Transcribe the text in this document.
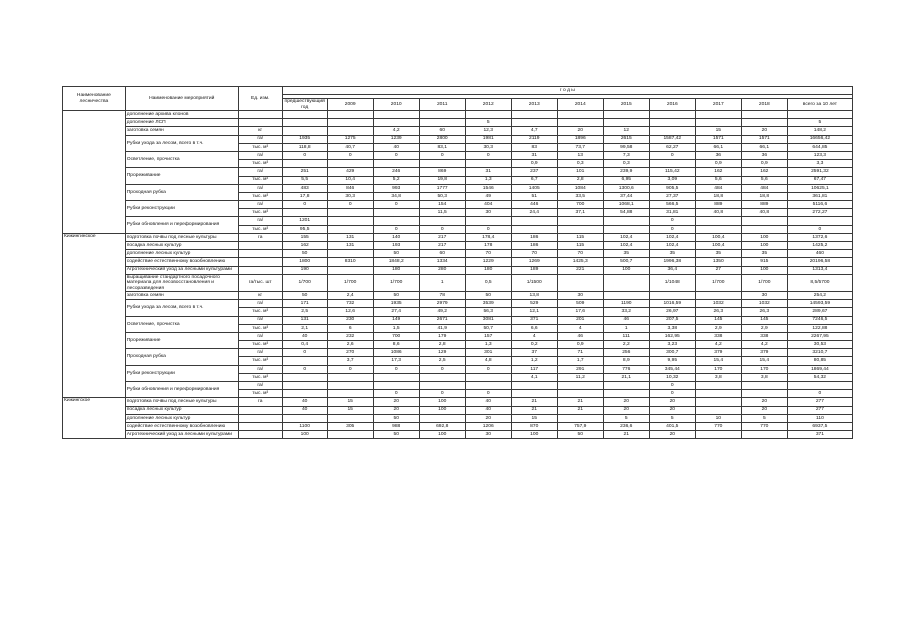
Наименование лесничества	Наименование мероприятий	Ед. изм.	г о д ы											

			предшествующий год	2009	2010	2011	2012	2013	2014	2015	2016	2017	2018	всего за 10 лет
	дополнение архива клонов													
	дополнение ЛСП						5							5
	заготовка семян	кг			4,2	60	12,3	4,7	20	12		15	20	148,2
	Рубки ухода за лесом, всего в т.ч.	га/	1935	1275	1239	2800	1981	2119	1896	2615	1587,42	1571	1571	16656,42
		тыс. м³	118,8	40,7	40	83,1	30,3	83	73,7	99,58	62,27	66,1	66,1	644,85
	Осветление, прочистка	га/	0	0	0	0	0	31	13	7,3	0	36	36	123,3
		тыс. м³						0,9	0,3	0,3		0,9	0,9	3,3
	Прореживание	га/	251	429	246	869	31	237	101	239,9	115,42	162	162	2591,32
		тыс. м³	5,5	10,4	5,2	19,8	1,3	6,7	2,8	6,95	3,09	5,6	5,6	67,47
	Проходная рубка	га/	483	846	993	1777	1546	1405	1084	1300,6	905,5	484	484	10625,1
		тыс. м³	17,8	30,3	34,8	50,3	49	51	33,5	37,44	27,37	18,8	18,8	361,81
	Рубки реконструкции	га/	0	0	0	154	404	446	700	1068,1	566,5	889	889	5116,6
		тыс. м³				11,5	30	24,4	37,1	54,88	31,81	40,8	40,8	272,27
	Рубки обновления и переформирования	га/	1201								0			
		тыс. м³	95,5		0	0	0				0			0
Кижингинское	подготовка почвы под лесные культуры	га	155	131	140	217	178,4	186	115	102,4	102,4	100,4	100	1372,6
	посадка лесных культур		162	131	193	217	178	186	115	102,4	102,4	100,4	100	1425,2
	дополнение лесных культур		50		50	60	70	70	70	35	35	35	35	460
	содействие естественному возобновлению		1800	8310	1848,2	1334	1229	1269	1425,3	500,7	1996,38	1350	915	20196,58
	Агротехнический уход за лесными культурами		190		180	280	180	189	221	100	36,4	27	100	1313,4
	выращивание стандартного посадочного материала для лесовосстановления и лесоразведения	га/тыс. шт	1/700	1/700	1/700	1	0,5	1/1500			1/1048	1/700	1/700	8,5/5700
	заготовка семян	кг	50	2,4	50	78	50	13,8	30				30	254,2
	Рубки ухода за лесом, всего в т.ч.	га/	171	732	1935	2979	3539	529	509	1190	1016,59	1032	1032	14593,59
		тыс. м³	2,5	12,6	27,4	49,2	56,3	12,1	17,6	33,2	26,97	26,3	26,3	289,67
	Осветление, прочистка	га/	131	230	149	2671	3081	371	201	46	207,5	145	145	7246,5
		тыс. м³	2,1	6	1,5	41,9	50,7	6,6	4	1	3,38	2,9	2,9	122,88
	Прореживание	га/	40	232	700	179	157	4	46	111	162,95	338	338	2267,95
		тыс. м³	0,4	2,6	8,6	2,8	1,3	0,2	0,9	2,2	3,23	4,2	4,2	30,53
	Проходная рубка	га/	0	270	1086	129	301	37	71	256	300,7	379	379	3210,7
		тыс. м³		3,7	17,3	2,5	4,8	1,2	1,7	8,9	9,95	15,4	15,4	80,85
	Рубки реконструкции	га/	0	0	0	0	0	117	291	776	345,44	170	170	1869,44
		тыс. м³						4,1	11,2	21,1	10,32	3,8	3,8	54,32
	Рубки обновления и переформирования	га/									0			
		тыс. м³			0	0	0				0			0
Кижингское	подготовка почвы под лесные культуры	га	40	15	20	100	40	21	21	20	20		20	277
	посадка лесных культур		40	15	20	100	40	21	21	20	20		20	277
	дополнение лесных культур				50		20	15		5	5	10	5	110
	содействие естественному возобновлению		1100	305	988	692,8	1206	870	757,9	236,6	401,5	770	770	6937,5
	Агротехнический уход за лесными культурами		100		50	100	30	100	50	21	20			371
